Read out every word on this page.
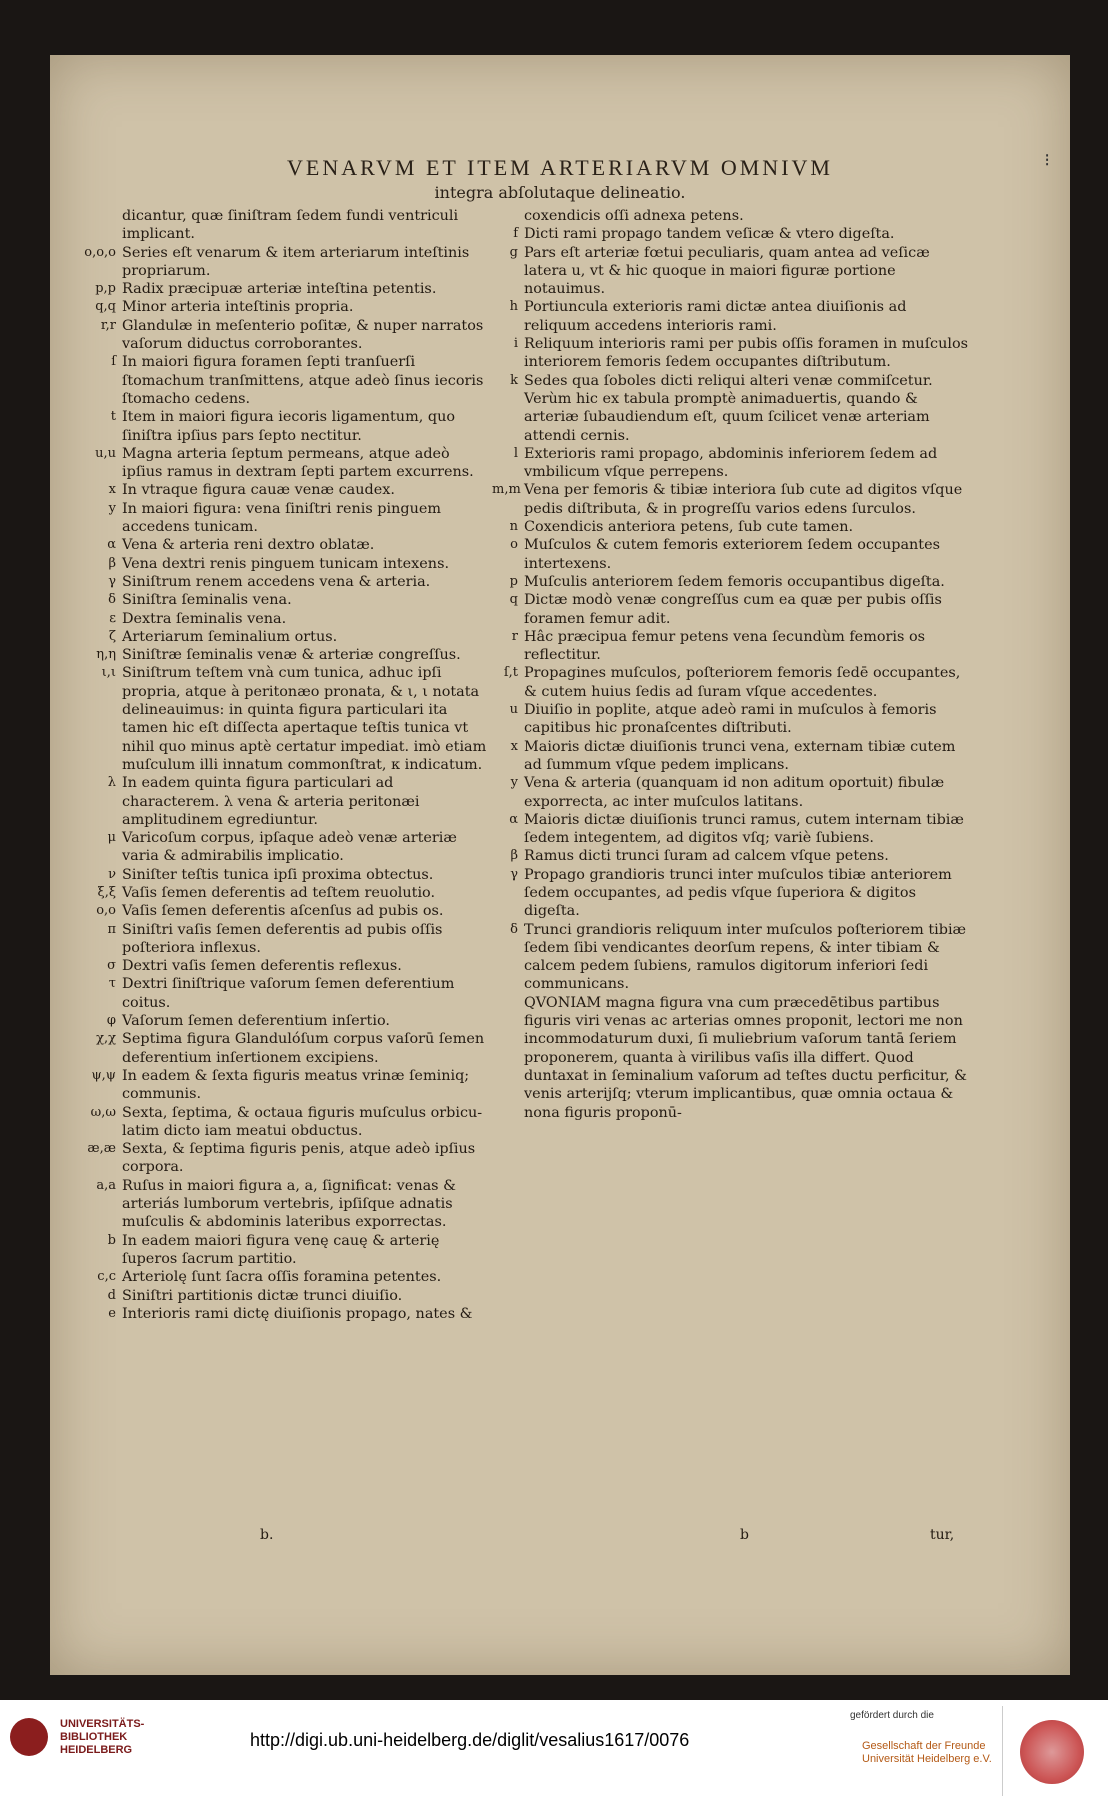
VENARVM ET ITEM ARTERIARVM OMNIVM
integra abſolutaque delineatio.
⁝
dicantur, quæ ſiniſtram ſedem fundi ventriculi implicant.
o,o,o Series eſt venarum & item arteriarum inteſtinis propriarum.
p,p Radix præcipuæ arteriæ inteſtina petentis.
q,q Minor arteria inteſtinis propria.
r,r Glandulæ in meſenterio poſitæ, & nuper narratos vaſorum diductus corroborantes.
ſ In maiori figura foramen ſepti tranſuerſi ſtomachum tranſmittens, atque adeò ſinus iecoris ſtomacho cedens.
t Item in maiori figura iecoris ligamentum, quo ſiniſtra ipſius pars ſepto nectitur.
u,u Magna arteria ſeptum permeans, atque adeò ipſius ramus in dextram ſepti partem excurrens.
x In vtraque figura cauæ venæ caudex.
y In maiori figura: vena ſiniſtri renis pinguem accedens tunicam.
α Vena & arteria reni dextro oblatæ.
β Vena dextri renis pinguem tunicam intexens.
γ Siniſtrum renem accedens vena & arteria.
δ Siniſtra ſeminalis vena.
ε Dextra ſeminalis vena.
ζ Arteriarum ſeminalium ortus.
η,η Siniſtræ ſeminalis venæ & arteriæ congreſſus.
ι,ι Siniſtrum teſtem vnà cum tunica, adhuc ipſi propria, atque à peritonæo pronata, & ι, ι notata delineauimus: in quinta figura particulari ita tamen hic eſt diſſecta apertaque teſtis tunica vt nihil quo minus aptè certatur impediat. imò etiam muſculum illi innatum commonſtrat, κ indicatum.
λ In eadem quinta figura particulari ad characterem. λ vena & arteria peritonæi amplitudinem egrediuntur.
μ Varicoſum corpus, ipſaque adeò venæ arteriæ varia & admirabilis implicatio.
ν Siniſter teſtis tunica ipſi proxima obtectus.
ξ,ξ Vaſis ſemen deferentis ad teſtem reuolutio.
ο,ο Vaſis ſemen deferentis aſcenſus ad pubis os.
π Siniſtri vaſis ſemen deferentis ad pubis oſſis poſteriora inflexus.
σ Dextri vaſis ſemen deferentis reflexus.
τ Dextri ſiniſtrique vaſorum ſemen deferentium coitus.
φ Vaſorum ſemen deferentium inſertio.
χ,χ Septima figura Glandulóſum corpus vaſorū ſemen deferentium inſertionem excipiens.
ψ,ψ In eadem & ſexta figuris meatus vrinæ ſeminiq; communis.
ω,ω Sexta, ſeptima, & octaua figuris muſculus orbicu-latim dicto iam meatui obductus.
æ,æ Sexta, & ſeptima figuris penis, atque adeò ipſius corpora.
a,a Ruſus in maiori figura a, a, ſignificat: venas & arteriás lumborum vertebris, ipſiſque adnatis muſculis & abdominis lateribus exporrectas.
b In eadem maiori figura venę cauę & arterię ſuperos ſacrum partitio.
c,c Arteriolę ſunt ſacra oſſis foramina petentes.
d Siniſtri partitionis dictæ trunci diuiſio.
e Interioris rami dictę diuiſionis propago, nates &
coxendicis oſſi adnexa petens.
f Dicti rami propago tandem veſicæ & vtero digeſta.
g Pars eſt arteriæ fœtui peculiaris, quam antea ad veſicæ latera u, vt & hic quoque in maiori figuræ portione notauimus.
h Portiuncula exterioris rami dictæ antea diuiſionis ad reliquum accedens interioris rami.
i Reliquum interioris rami per pubis oſſis foramen in muſculos interiorem femoris ſedem occupantes diſtributum.
k Sedes qua ſoboles dicti reliqui alteri venæ commiſcetur. Verùm hic ex tabula promptè animaduertis, quando & arteriæ ſubaudiendum eſt, quum ſcilicet venæ arteriam attendi cernis.
l Exterioris rami propago, abdominis inferiorem ſedem ad vmbilicum vſque perrepens.
m,m Vena per femoris & tibiæ interiora ſub cute ad digitos vſque pedis diſtributa, & in progreſſu varios edens ſurculos.
n Coxendicis anteriora petens, ſub cute tamen.
o Muſculos & cutem femoris exteriorem ſedem occupantes intertexens.
p Muſculis anteriorem ſedem femoris occupantibus digeſta.
q Dictæ modò venæ congreſſus cum ea quæ per pubis oſſis foramen femur adit.
r Hâc præcipua femur petens vena ſecundùm femoris os reflectitur.
ſ,t Propagines muſculos, poſteriorem femoris ſedē occupantes, & cutem huius ſedis ad ſuram vſque accedentes.
u Diuiſio in poplite, atque adeò rami in muſculos à femoris capitibus hic pronaſcentes diſtributi.
x Maioris dictæ diuiſionis trunci vena, externam tibiæ cutem ad ſummum vſque pedem implicans.
y Vena & arteria (quanquam id non aditum oportuit) fibulæ exporrecta, ac inter muſculos latitans.
α Maioris dictæ diuiſionis trunci ramus, cutem internam tibiæ ſedem integentem, ad digitos vſq; variè ſubiens.
β Ramus dicti trunci ſuram ad calcem vſque petens.
γ Propago grandioris trunci inter muſculos tibiæ anteriorem ſedem occupantes, ad pedis vſque ſuperiora & digitos digeſta.
δ Trunci grandioris reliquum inter muſculos poſteriorem tibiæ ſedem ſibi vendicantes deorſum repens, & inter tibiam & calcem pedem ſubiens, ramulos digitorum inferiori ſedi communicans.
QVONIAM magna figura vna cum præcedētibus partibus figuris viri venas ac arterias omnes proponit, lectori me non incommodaturum duxi, ſi muliebrium vaſorum tantā ſeriem proponerem, quanta à virilibus vaſis illa differt. Quod duntaxat in ſeminalium vaſorum ad teſtes ductu perficitur, & venis arterijſq; vterum implicantibus, quæ omnia octaua & nona figuris proponū-
b.	b	tur,
UNIVERSITÄTS-
BIBLIOTHEK
HEIDELBERG	http://digi.ub.uni-heidelberg.de/diglit/vesalius1617/0076
gefördert durch die
Gesellschaft der Freunde
Universität Heidelberg e.V.
